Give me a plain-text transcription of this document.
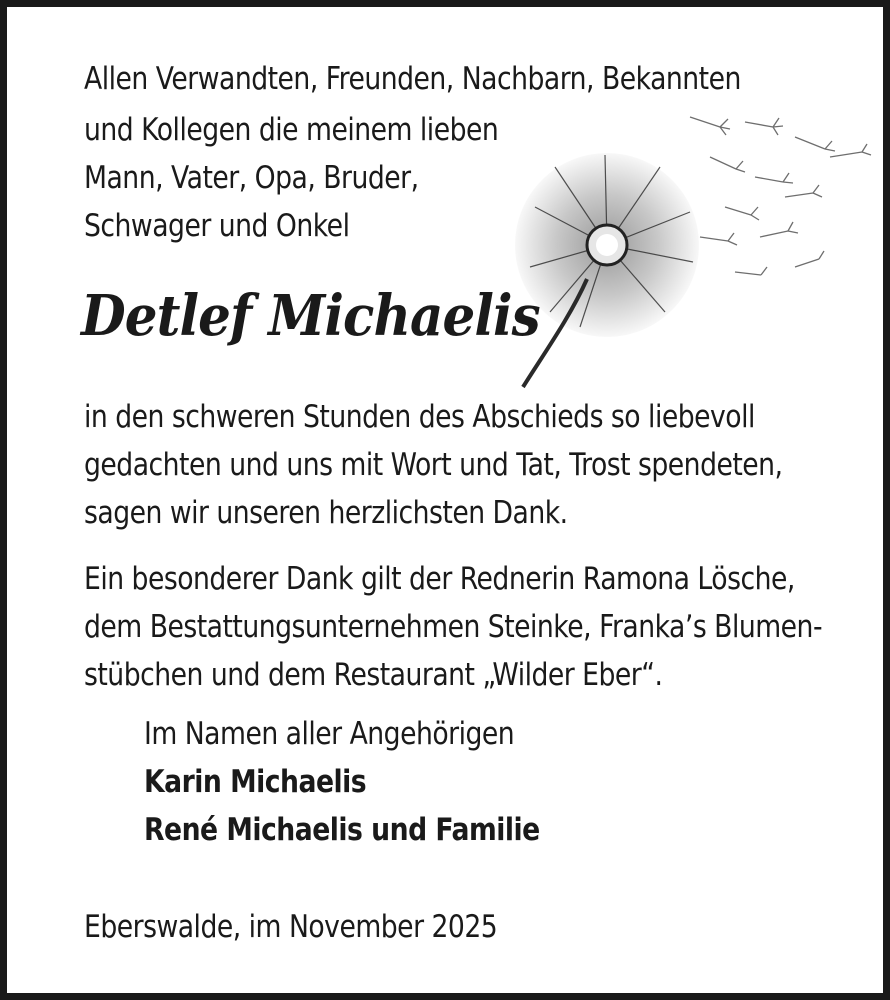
Allen Verwandten, Freunden, Nachbarn, Bekannten
und Kollegen die meinem lieben
Mann, Vater, Opa, Bruder,
Schwager und Onkel
Detlef Michaelis
in den schweren Stunden des Abschieds so liebevoll
gedachten und uns mit Wort und Tat, Trost spendeten,
sagen wir unseren herzlichsten Dank.
Ein besonderer Dank gilt der Rednerin Ramona Lösche,
dem Bestattungsunternehmen Steinke, Franka’s Blumen-
stübchen und dem Restaurant „Wilder Eber“.
Im Namen aller Angehörigen
Karin Michaelis
René Michaelis und Familie
Eberswalde, im November 2025
